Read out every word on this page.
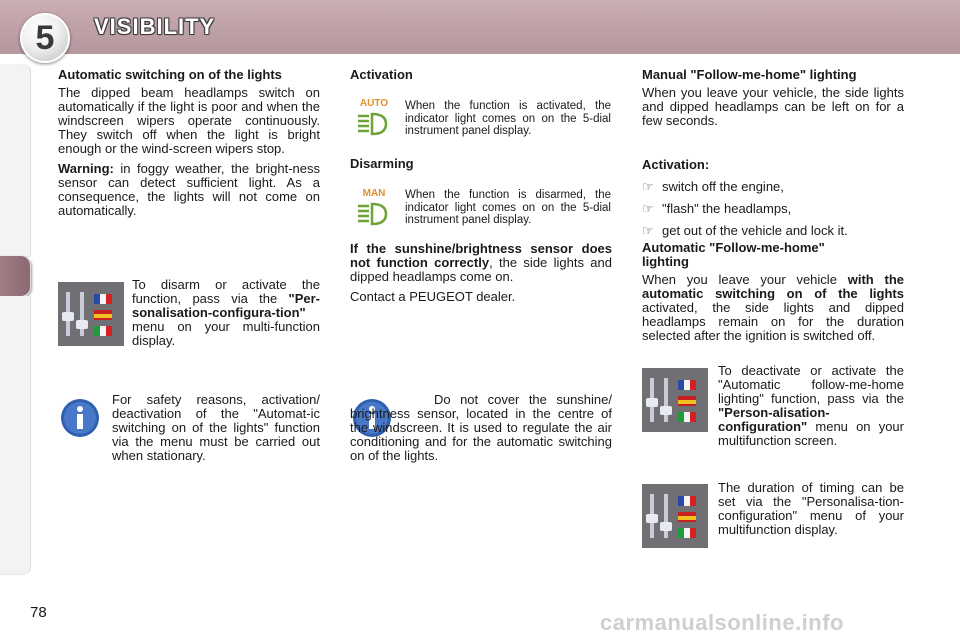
5	VISIBILITY
Automatic switching on of the lights

The dipped beam headlamps switch on automatically if the light is poor and when the windscreen wipers operate continuously. They switch off when the light is bright enough or the wind-screen wipers stop.

Warning: in foggy weather, the bright-ness sensor can detect sufficient light. As a consequence, the lights will not come on automatically.

To disarm or activate the function, pass via the "Per-sonalisation-configura-tion" menu on your multi-function display.

For safety reasons, activation/ deactivation of the "Automat-ic switching on of the lights" function via the menu must be carried out when stationary.

Activation
AUTO When the function is activated, the indicator light comes on on the 5-dial instrument panel display.

Disarming
MAN When the function is disarmed, the indicator light comes on on the 5-dial instrument panel display.

If the sunshine/brightness sensor does not function correctly, the side lights and dipped headlamps come on.

Contact a PEUGEOT dealer.

Do not cover the sunshine/ brightness sensor, located in the centre of the windscreen. It is used to regulate the air conditioning and for the automatic switching on of the lights.

Manual "Follow-me-home" lighting

When you leave your vehicle, the side lights and dipped headlamps can be left on for a few seconds.

Activation:
☞ switch off the engine,
☞ "flash" the headlamps,
☞ get out of the vehicle and lock it.
Automatic "Follow-me-home" lighting

When you leave your vehicle with the automatic switching on of the lights activated, the side lights and dipped headlamps remain on for the duration selected after the ignition is switched off.

To deactivate or activate the "Automatic follow-me-home lighting" function, pass via the "Person-alisation-configuration" menu on your multifunction screen.

The duration of timing can be set via the "Personalisa-tion-configuration" menu of your multifunction display.

78	carmanualsonline.info
